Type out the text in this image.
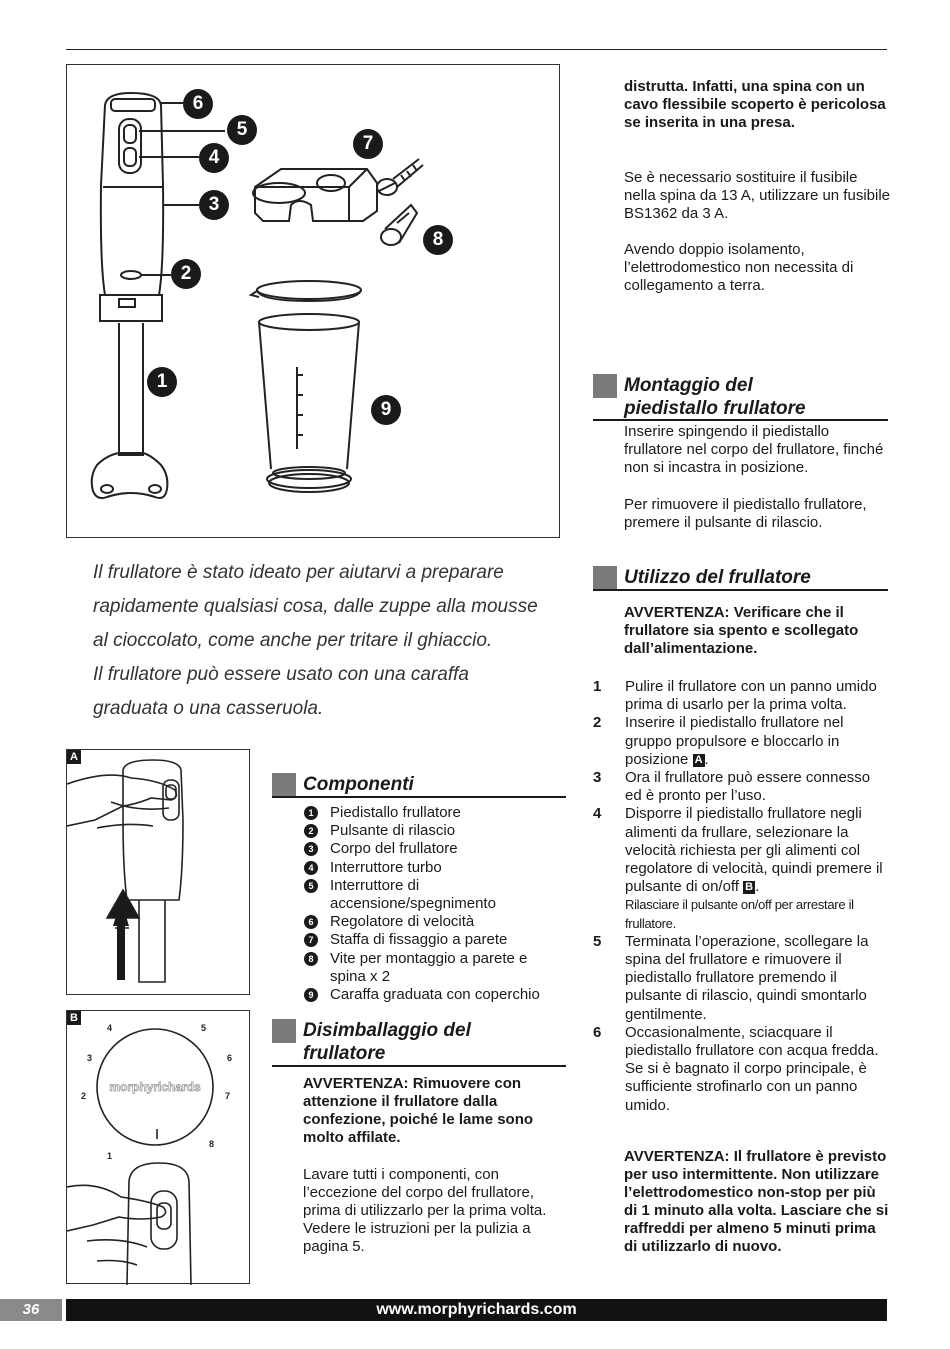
6
5
4
3
2
1
7
8
9

Il frullatore è stato ideato per aiutarvi a preparare

rapidamente qualsiasi cosa, dalle zuppe alla mousse

al cioccolato, come anche per tritare il ghiaccio.

Il frullatore può essere usato con una caraffa

graduata o una casseruola.

A
1
2
3
4	5
6
7
8
morphyrichards
B
Componenti
1	Piedistallo frullatore
2	Pulsante di rilascio
3	Corpo del frullatore
4	Interruttore turbo
5	Interruttore di accensione/spegnimento
6	Regolatore di velocità
7	Staffa di fissaggio a parete
8	Vite per montaggio a parete e spina x 2
9	Caraffa graduata con coperchio
Disimballaggio del
frullatore
AVVERTENZA: Rimuovere con attenzione il frullatore dalla confezione, poiché le lame sono molto affilate.
Lavare tutti i componenti, con l’eccezione del corpo del frullatore, prima di utilizzarlo per la prima volta. Vedere le istruzioni per la pulizia a pagina 5.
distrutta. Infatti, una spina con un cavo flessibile scoperto è pericolosa se inserita in una presa.
Se è necessario sostituire il fusibile nella spina da 13 A, utilizzare un fusibile BS1362 da 3 A.
Avendo doppio isolamento, l’elettrodomestico non necessita di collegamento a terra.
Montaggio del
piedistallo frullatore
Inserire spingendo il piedistallo frullatore nel corpo del frullatore, finché non si incastra in posizione.
Per rimuovere il piedistallo frullatore, premere il pulsante di rilascio.
Utilizzo del frullatore
AVVERTENZA: Verificare che il frullatore sia spento e scollegato dall’alimentazione.
1 Pulire il frullatore con un panno umido prima di usarlo per la prima volta.
2 Inserire il piedistallo frullatore nel gruppo propulsore e bloccarlo in posizione A .
3 Ora il frullatore può essere connesso ed è pronto per l’uso.
4 Disporre il piedistallo frullatore negli alimenti da frullare, selezionare la velocità richiesta per gli alimenti col regolatore di velocità, quindi premere il pulsante di on/off B .
Rilasciare il pulsante on/off per arrestare il frullatore.
5 Terminata l’operazione, scollegare la spina del frullatore e rimuovere il piedistallo frullatore premendo il pulsante di rilascio, quindi smontarlo gentilmente.
6 Occasionalmente, sciacquare il piedistallo frullatore con acqua fredda. Se si è bagnato il corpo principale, è sufficiente strofinarlo con un panno umido.
AVVERTENZA: Il frullatore è previsto per uso intermittente. Non utilizzare l’elettrodomestico non-stop per più di 1 minuto alla volta. Lasciare che si raffreddi per almeno 5 minuti prima di utilizzarlo di nuovo.
36	www.morphyrichards.com
